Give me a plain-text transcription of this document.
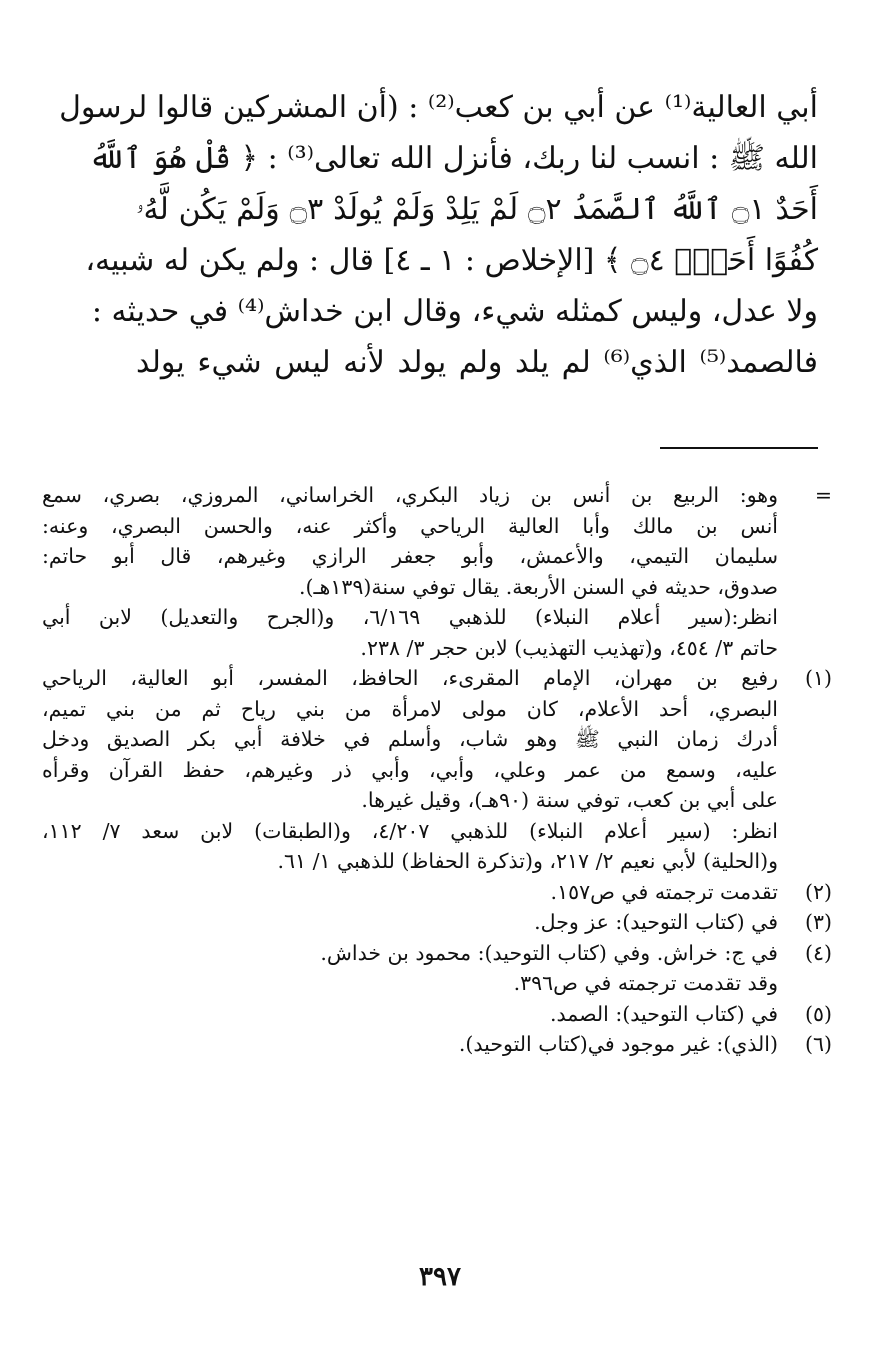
أبي العالية⁽¹⁾ عن أبي بن كعب⁽²⁾ : (أن المشركين قالوا لرسول
الله ﷺ : انسب لنا ربك، فأنزل الله تعالى⁽³⁾ : ﴿ قُلْ هُوَ ٱللَّهُ
أَحَدٌ ۝١ ٱللَّهُ ٱلصَّمَدُ ۝٢ لَمْ يَلِدْ وَلَمْ يُولَدْ ۝٣ وَلَمْ يَكُن لَّهُۥ
كُفُوًا أَحَدٌۢ ۝٤ ﴾ [الإخلاص : ١ ـ ٤] قال : ولم يكن له شبيه،
ولا عدل، وليس كمثله شيء، وقال ابن خداش⁽⁴⁾ في حديثه :
فالصمد⁽⁵⁾ الذي⁽⁶⁾ لم يلد ولم يولد لأنه ليس شيء يولد
=
وهو: الربيع بن أنس بن زياد البكري، الخراساني، المروزي، بصري، سمع
أنس بن مالك وأبا العالية الرياحي وأكثر عنه، والحسن البصري، وعنه:
سليمان التيمي، والأعمش، وأبو جعفر الرازي وغيرهم، قال أبو حاتم:
صدوق، حديثه في السنن الأربعة. يقال توفي سنة(١٣٩هـ).
انظر:(سير أعلام النبلاء) للذهبي ٦/١٦٩، و(الجرح والتعديل) لابن أبي
حاتم ٣/ ٤٥٤، و(تهذيب التهذيب) لابن حجر ٣/ ٢٣٨.
(١)
رفيع بن مهران، الإمام المقرىء، الحافظ، المفسر، أبو العالية، الرياحي
البصري، أحد الأعلام، كان مولى لامرأة من بني رياح ثم من بني تميم،
أدرك زمان النبي ﷺ وهو شاب، وأسلم في خلافة أبي بكر الصديق ودخل
عليه، وسمع من عمر وعلي، وأبي، وأبي ذر وغيرهم، حفظ القرآن وقرأه
على أبي بن كعب، توفي سنة (٩٠هـ)، وقيل غيرها.
انظر: (سير أعلام النبلاء) للذهبي ٤/٢٠٧، و(الطبقات) لابن سعد ٧/ ١١٢،
و(الحلية) لأبي نعيم ٢/ ٢١٧، و(تذكرة الحفاظ) للذهبي ١/ ٦١.
(٢)
تقدمت ترجمته في ص١٥٧.
(٣)
في (كتاب التوحيد): عز وجل.
(٤)
في ج: خراش. وفي (كتاب التوحيد): محمود بن خداش.
وقد تقدمت ترجمته في ص٣٩٦.
(٥)
في (كتاب التوحيد): الصمد.
(٦)
(الذي): غير موجود في(كتاب التوحيد).
٣٩٧
